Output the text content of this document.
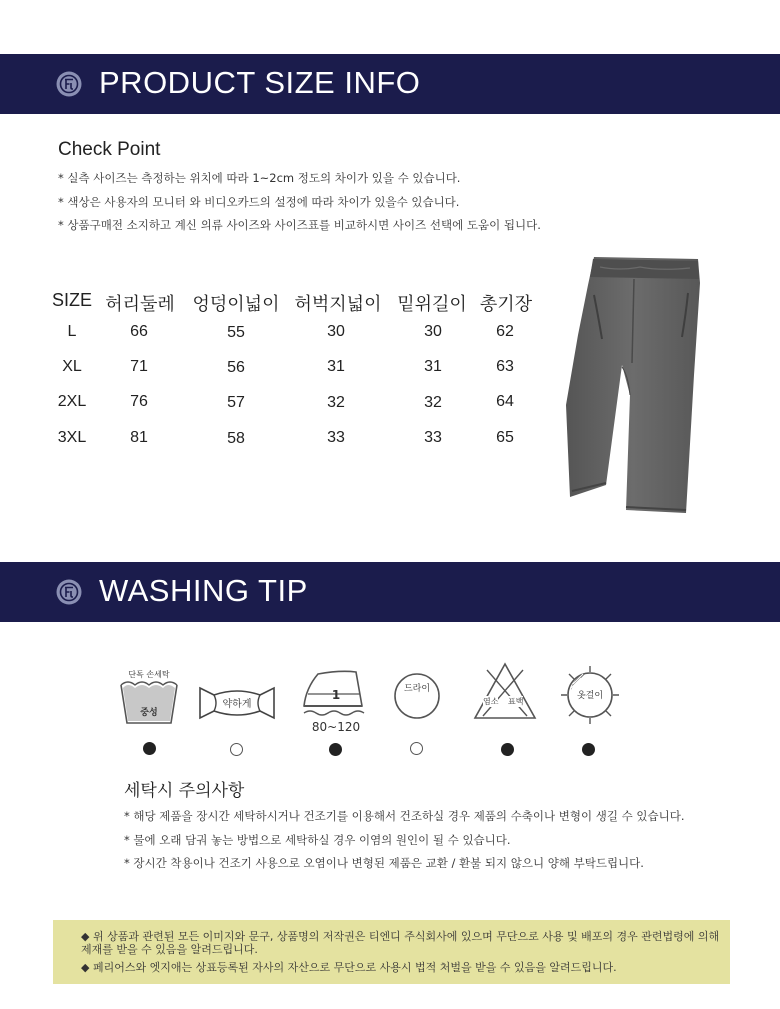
PRODUCT SIZE INFO
Check Point
* 실측 사이즈는 측정하는 위치에 따라 1~2cm 정도의 차이가 있을 수 있습니다.
* 색상은 사용자의 모니터 와 비디오카드의 설정에 따라 차이가 있을수 있습니다.
* 상품구매전 소지하고 계신 의류 사이즈와 사이즈표를 비교하시면 사이즈 선택에 도움이 됩니다.
SIZE 허리둘레 엉덩이넓이 허벅지넓이 밑위길이 총기장
L	66	55	30	30	62
XL	71	56	31	31	63
2XL	76	57	32	32	64
3XL	81	58	33	33	65
WASHING TIP
단독 손세탁
중성
약하게
1
80~120
드라이
염소 표백
옷걸이
세탁시 주의사항
* 해당 제품을 장시간 세탁하시거나 건조기를 이용해서 건조하실 경우 제품의 수축이나 변형이 생길 수 있습니다.
* 물에 오래 담궈 놓는 방법으로 세탁하실 경우 이염의 원인이 될 수 있습니다.
* 장시간 착용이나 건조기 사용으로 오염이나 변형된 제품은 교환 / 환불 되지 않으니 양해 부탁드립니다.
◆ 위 상품과 관련된 모든 이미지와 문구, 상품명의 저작권은 티엔디 주식회사에 있으며 무단으로 사용 및 배포의 경우 관련법령에 의해 제재를 받을 수 있음을 알려드립니다.
◆ 페리어스와 엣지애는 상표등록된 자사의 자산으로 무단으로 사용시 법적 처벌을 받을 수 있음을 알려드립니다.
